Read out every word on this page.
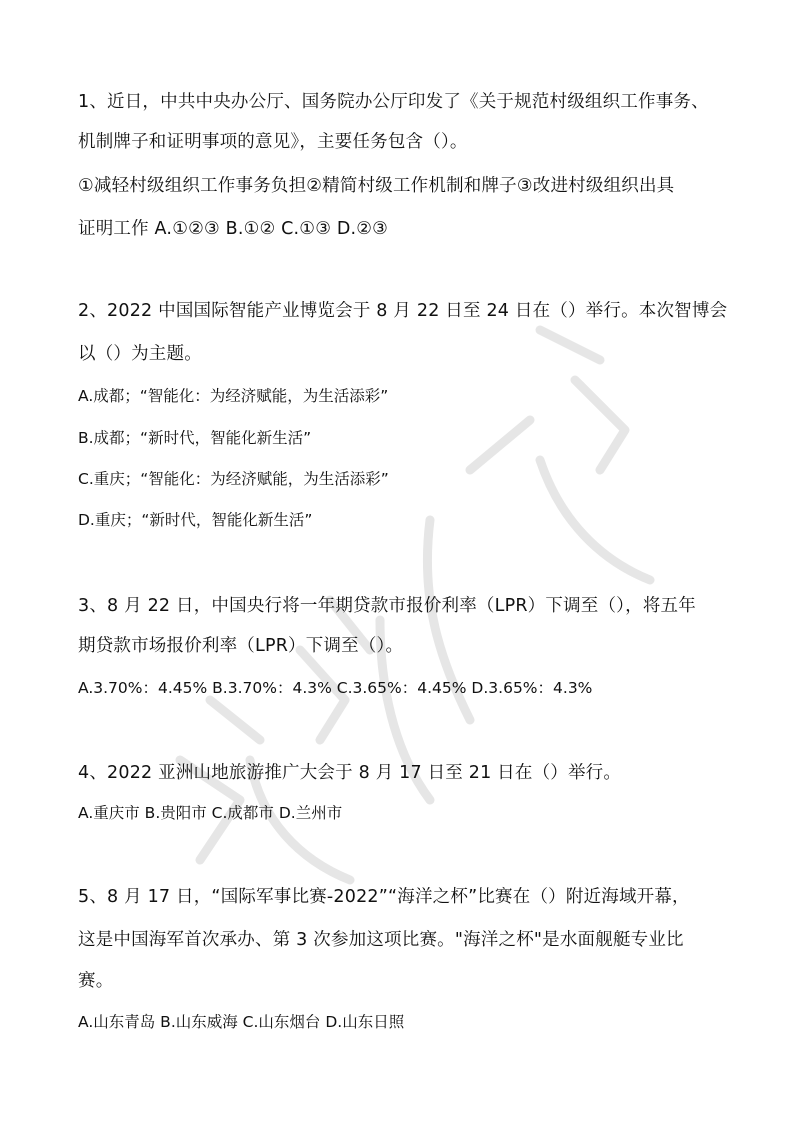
1、近日，中共中央办公厅、国务院办公厅印发了《关于规范村级组织工作事务、
机制牌子和证明事项的意见》，主要任务包含（）。
①减轻村级组织工作事务负担②精简村级工作机制和牌子③改进村级组织出具
证明工作 A.①②③ B.①② C.①③ D.②③
2、2022 中国国际智能产业博览会于 8 月 22 日至 24 日在（）举行。本次智博会
以（）为主题。
A.成都；“智能化：为经济赋能，为生活添彩”
B.成都；“新时代，智能化新生活”
C.重庆；“智能化：为经济赋能，为生活添彩”
D.重庆；“新时代，智能化新生活”
3、8 月 22 日，中国央行将一年期贷款市报价利率（LPR）下调至（），将五年
期贷款市场报价利率（LPR）下调至（）。
A.3.70%：4.45% B.3.70%：4.3% C.3.65%：4.45% D.3.65%：4.3%
4、2022 亚洲山地旅游推广大会于 8 月 17 日至 21 日在（）举行。
A.重庆市 B.贵阳市 C.成都市 D.兰州市
5、8 月 17 日，“国际军事比赛-2022”“海洋之杯”比赛在（）附近海域开幕，
这是中国海军首次承办、第 3 次参加这项比赛。"海洋之杯"是水面舰艇专业比
赛。
A.山东青岛 B.山东威海 C.山东烟台 D.山东日照
